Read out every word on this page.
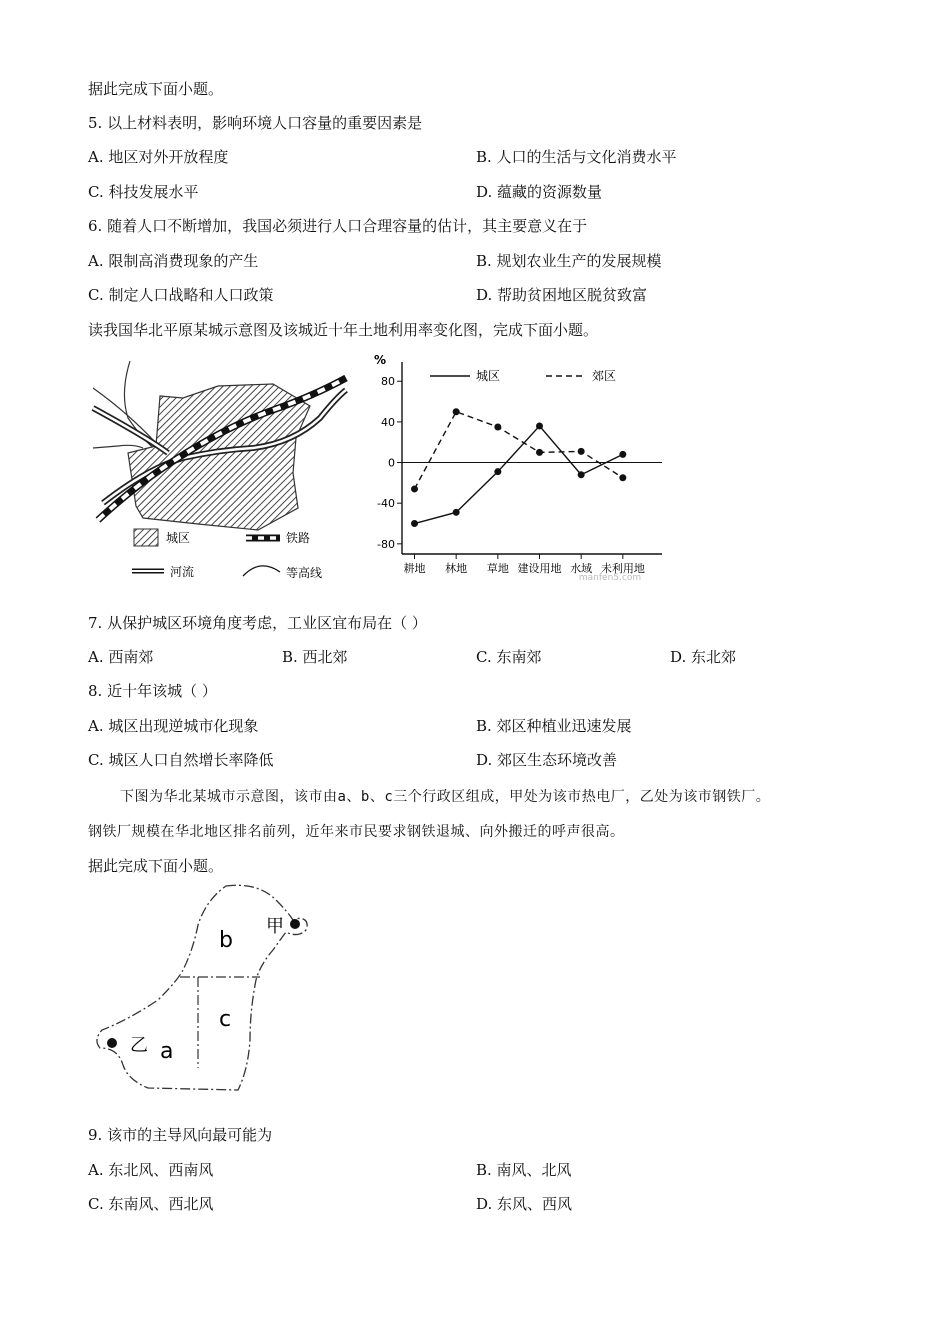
据此完成下面小题。
5. 以上材料表明，影响环境人口容量的重要因素是
A. 地区对外开放程度	B. 人口的生活与文化消费水平
C. 科技发展水平	D. 蕴藏的资源数量
6. 随着人口不断增加，我国必须进行人口合理容量的估计，其主要意义在于
A. 限制高消费现象的产生	B. 规划农业生产的发展规模
C. 制定人口战略和人口政策	D. 帮助贫困地区脱贫致富
读我国华北平原某城示意图及该城近十年土地利用率变化图，完成下面小题。
城区	铁路
河流	等高线
%
80
40
0
-40
-80
耕地 林地 草地 建设用地 水域 未利用地
城区	郊区
manfen5.com
7. 从保护城区环境角度考虑，工业区宜布局在（ ）
A. 西南郊	B. 西北郊	C. 东南郊	D. 东北郊
8. 近十年该城（ ）
A. 城区出现逆城市化现象	B. 郊区种植业迅速发展
C. 城区人口自然增长率降低	D. 郊区生态环境改善
下图为华北某城市示意图，该市由a、b、c三个行政区组成，甲处为该市热电厂，乙处为该市钢铁厂。
钢铁厂规模在华北地区排名前列，近年来市民要求钢铁退城、向外搬迁的呼声很高。
据此完成下面小题。
b
c
a
甲
乙
9. 该市的主导风向最可能为
A. 东北风、西南风	B. 南风、北风
C. 东南风、西北风	D. 东风、西风
